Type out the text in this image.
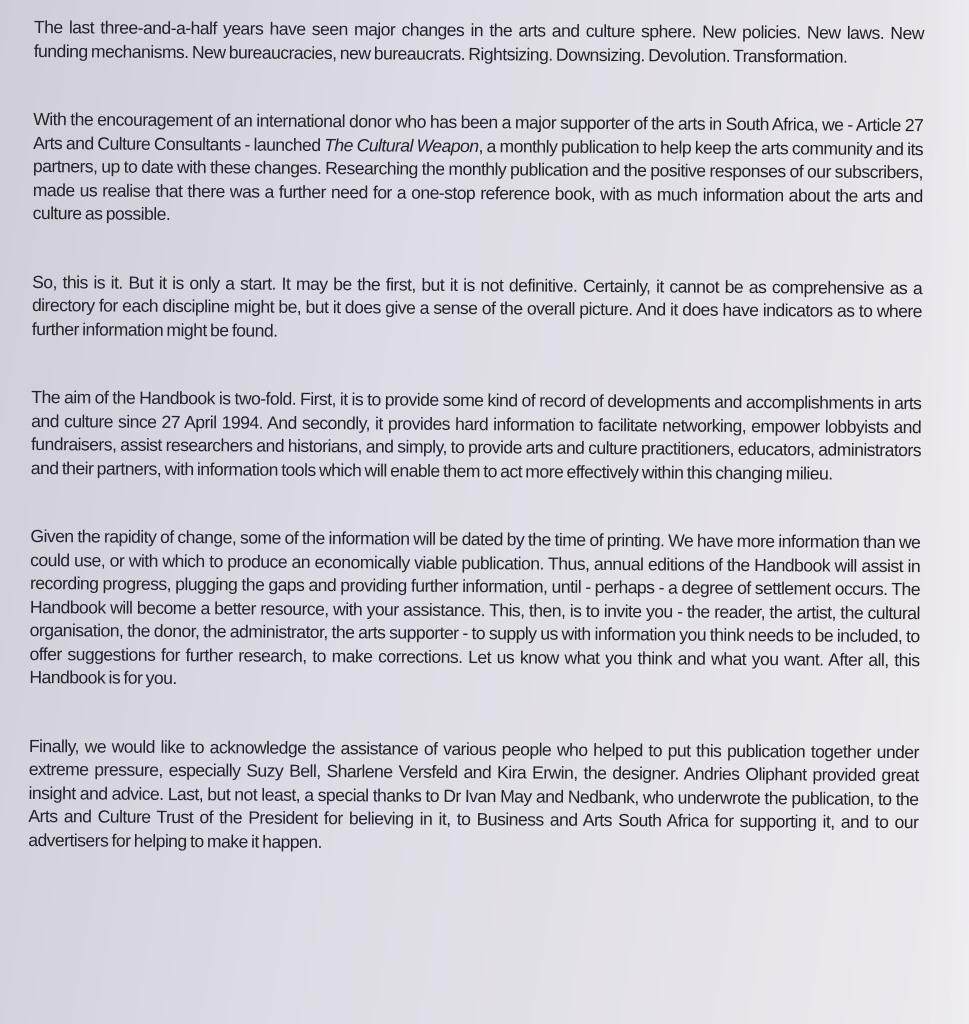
The last three-and-a-half years have seen major changes in the arts and culture sphere. New policies. New laws. New funding mechanisms. New bureaucracies, new bureaucrats. Rightsizing. Downsizing. Devolution. Transformation.

With the encouragement of an international donor who has been a major supporter of the arts in South Africa, we - Article 27 Arts and Culture Consultants - launched The Cultural Weapon, a monthly publication to help keep the arts community and its partners, up to date with these changes. Researching the monthly publication and the positive responses of our subscribers, made us realise that there was a further need for a one-stop reference book, with as much information about the arts and culture as possible.

So, this is it. But it is only a start. It may be the first, but it is not definitive. Certainly, it cannot be as comprehensive as a directory for each discipline might be, but it does give a sense of the overall picture. And it does have indicators as to where further information might be found.

The aim of the Handbook is two-fold. First, it is to provide some kind of record of developments and accomplishments in arts and culture since 27 April 1994. And secondly, it provides hard information to facilitate networking, empower lobbyists and fundraisers, assist researchers and historians, and simply, to provide arts and culture practitioners, educators, administrators and their partners, with information tools which will enable them to act more effectively within this changing milieu.

Given the rapidity of change, some of the information will be dated by the time of printing. We have more information than we could use, or with which to produce an economically viable publication. Thus, annual editions of the Handbook will assist in recording progress, plugging the gaps and providing further information, until - perhaps - a degree of settlement occurs. The Handbook will become a better resource, with your assistance. This, then, is to invite you - the reader, the artist, the cultural organisation, the donor, the administrator, the arts supporter - to supply us with information you think needs to be included, to offer suggestions for further research, to make corrections. Let us know what you think and what you want. After all, this Handbook is for you.

Finally, we would like to acknowledge the assistance of various people who helped to put this publication together under extreme pressure, especially Suzy Bell, Sharlene Versfeld and Kira Erwin, the designer. Andries Oliphant provided great insight and advice. Last, but not least, a special thanks to Dr Ivan May and Nedbank, who underwrote the publication, to the Arts and Culture Trust of the President for believing in it, to Business and Arts South Africa for supporting it, and to our advertisers for helping to make it happen.
